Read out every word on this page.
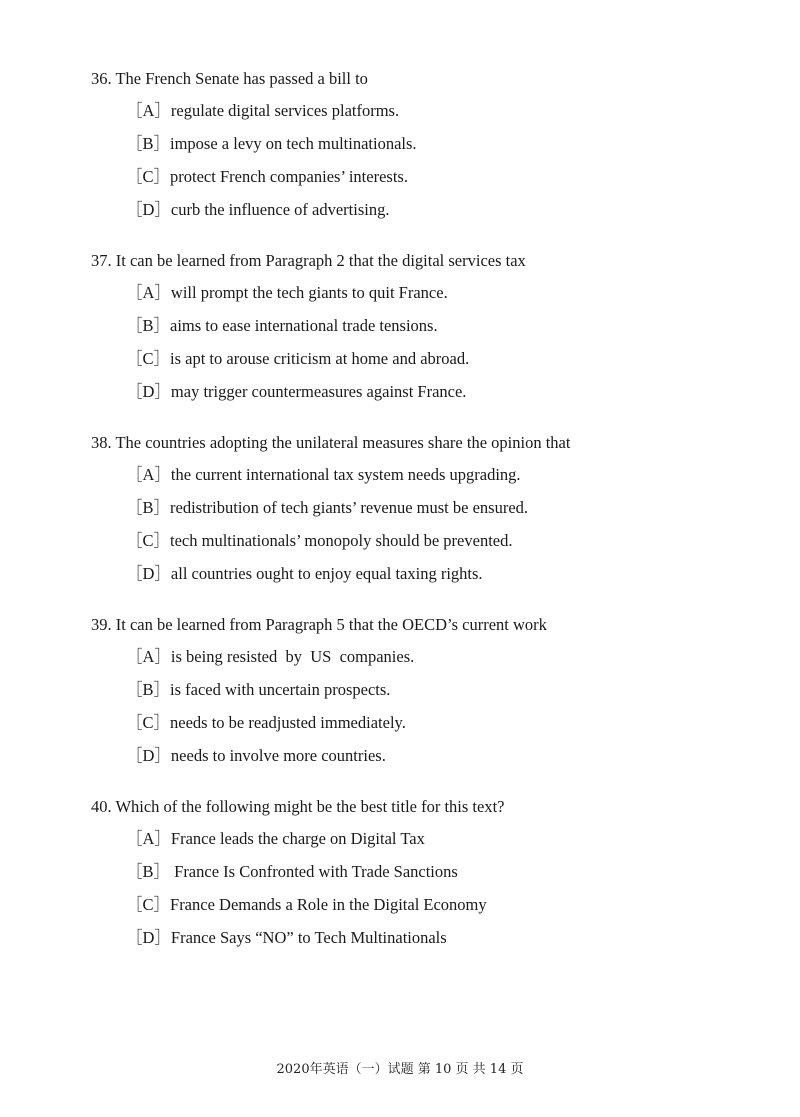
36. The French Senate has passed a bill to
［A］regulate digital services platforms.
［B］impose a levy on tech multinationals.
［C］protect French companies’ interests.
［D］curb the influence of advertising.
37. It can be learned from Paragraph 2 that the digital services tax
［A］will prompt the tech giants to quit France.
［B］aims to ease international trade tensions.
［C］is apt to arouse criticism at home and abroad.
［D］may trigger countermeasures against France.
38. The countries adopting the unilateral measures share the opinion that
［A］the current international tax system needs upgrading.
［B］redistribution of tech giants’ revenue must be ensured.
［C］tech multinationals’ monopoly should be prevented.
［D］all countries ought to enjoy equal taxing rights.
39. It can be learned from Paragraph 5 that the OECD’s current work
［A］is being resisted  by  US  companies.
［B］is faced with uncertain prospects.
［C］needs to be readjusted immediately.
［D］needs to involve more countries.
40. Which of the following might be the best title for this text?
［A］France leads the charge on Digital Tax
［B］ France Is Confronted with Trade Sanctions
［C］France Demands a Role in the Digital Economy
［D］France Says “NO” to Tech Multinationals
2020年英语（一）试题 第 10 页 共 14 页
